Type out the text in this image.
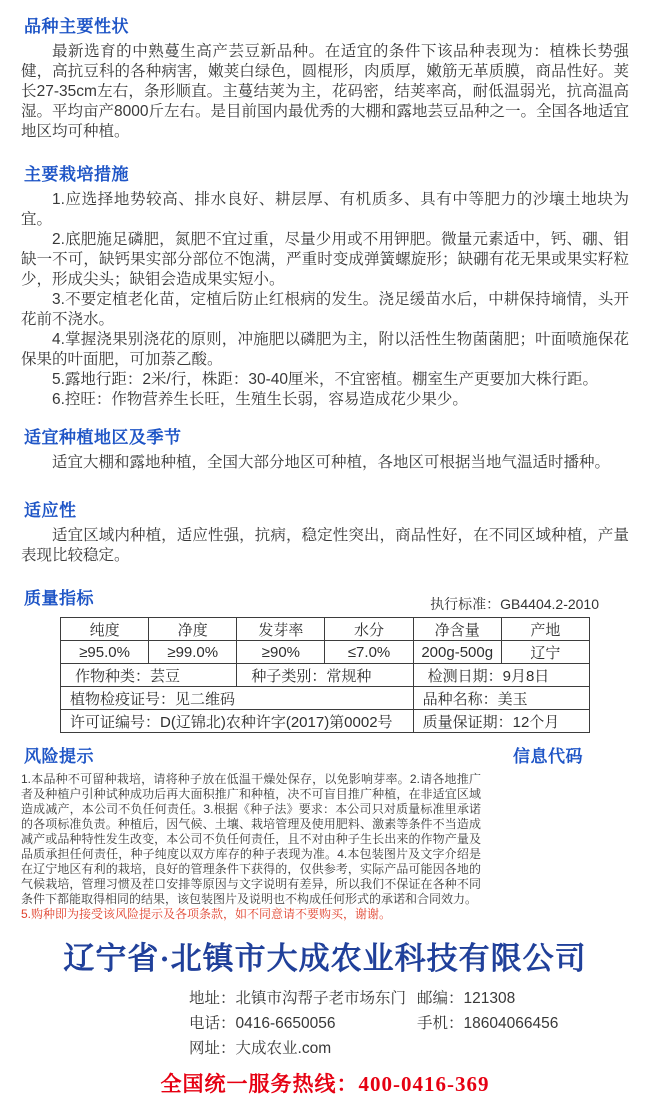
品种主要性状

最新选育的中熟蔓生高产芸豆新品种。在适宜的条件下该品种表现为：植株长势强健，高抗豆科的各种病害，嫩荚白绿色，圆棍形，肉质厚，嫩筋无革质膜，商品性好。荚长27-35cm左右，条形顺直。主蔓结荚为主，花码密，结荚率高，耐低温弱光，抗高温高湿。平均亩产8000斤左右。是目前国内最优秀的大棚和露地芸豆品种之一。全国各地适宜地区均可种植。

主要栽培措施

1.应选择地势较高、排水良好、耕层厚、有机质多、具有中等肥力的沙壤土地块为宜。

2.底肥施足磷肥，氮肥不宜过重，尽量少用或不用钾肥。微量元素适中，钙、硼、钼缺一不可，缺钙果实部分部位不饱满，严重时变成弹簧螺旋形；缺硼有花无果或果实籽粒少，形成尖头；缺钼会造成果实短小。

3.不要定植老化苗，定植后防止红根病的发生。浇足缓苗水后，中耕保持墒情，头开花前不浇水。

4.掌握浇果别浇花的原则，冲施肥以磷肥为主，附以活性生物菌菌肥；叶面喷施保花保果的叶面肥，可加萘乙酸。

5.露地行距：2米/行，株距：30-40厘米，不宜密植。棚室生产更要加大株行距。

6.控旺：作物营养生长旺，生殖生长弱，容易造成花少果少。

适宜种植地区及季节

适宜大棚和露地种植，全国大部分地区可种植，各地区可根据当地气温适时播种。

适应性

适宜区域内种植，适应性强，抗病，稳定性突出，商品性好，在不同区域种植，产量表现比较稳定。

质量指标	执行标准：GB4404.2-2010
纯度	净度	发芽率	水分	净含量	产地
≥95.0%	≥99.0%	≥90%	≤7.0%	200g-500g	辽宁
作物种类：芸豆		种子类别：常规种		检测日期：9月8日	
植物检疫证号：见二维码				品种名称：美玉	
许可证编号：D(辽锦北)农种许字(2017)第0002号				质量保证期：12个月	
风险提示

1.本品种不可留种栽培，请将种子放在低温干燥处保存，以免影响芽率。2.请各地推广者及种植户引种试种成功后再大面积推广和种植，决不可盲目推广种植，在非适宜区域造成减产，本公司不负任何责任。3.根据《种子法》要求：本公司只对质量标准里承诺的各项标准负责。种植后，因气候、土壤、栽培管理及使用肥料、激素等条件不当造成减产或品种特性发生改变，本公司不负任何责任，且不对由种子生长出来的作物产量及品质承担任何责任，种子纯度以双方库存的种子表现为准。4.本包装图片及文字介绍是在辽宁地区有利的栽培，良好的管理条件下获得的，仅供参考，实际产品可能因各地的气候栽培，管理习惯及茬口安排等原因与文字说明有差异，所以我们不保证在各种不同条件下都能取得相同的结果，该包装图片及说明也不构成任何形式的承诺和合同效力。

5.购种即为接受该风险提示及各项条款，如不同意请不要购买，谢谢。

信息代码
辽宁省·北镇市大成农业科技有限公司
地址：北镇市沟帮子老市场东门 邮编：121308
电话：0416-6650056	手机：18604066456
网址：大成农业.com
全国统一服务热线：400-0416-369
